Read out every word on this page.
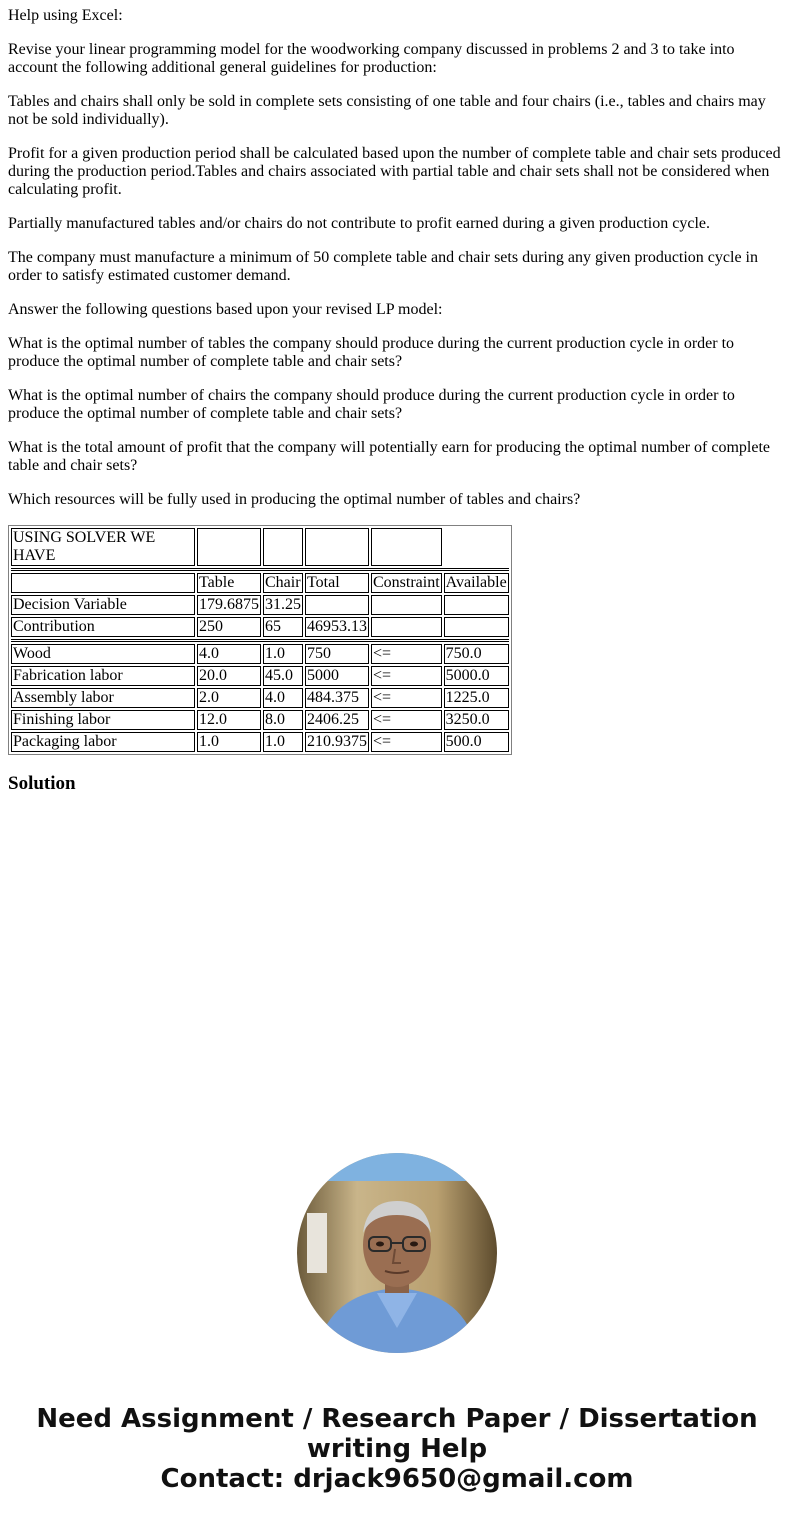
Help using Excel:

Revise your linear programming model for the woodworking company discussed in problems 2 and 3 to take into account the following additional general guidelines for production:

Tables and chairs shall only be sold in complete sets consisting of one table and four chairs (i.e., tables and chairs may not be sold individually).

Profit for a given production period shall be calculated based upon the number of complete table and chair sets produced during the production period.Tables and chairs associated with partial table and chair sets shall not be considered when calculating profit.

Partially manufactured tables and/or chairs do not contribute to profit earned during a given production cycle.

The company must manufacture a minimum of 50 complete table and chair sets during any given production cycle in order to satisfy estimated customer demand.

Answer the following questions based upon your revised LP model:

What is the optimal number of tables the company should produce during the current production cycle in order to produce the optimal number of complete table and chair sets?

What is the optimal number of chairs the company should produce during the current production cycle in order to produce the optimal number of complete table and chair sets?

What is the total amount of profit that the company will potentially earn for producing the optimal number of complete table and chair sets?

Which resources will be fully used in producing the optimal number of tables and chairs?

USING SOLVER WE HAVE					

	Table	Chair	Total	Constraint	Available
Decision Variable	179.6875	31.25			
Contribution	250	65	46953.13		

Wood	4.0	1.0	750	<=	750.0
Fabrication labor	20.0	45.0	5000	<=	5000.0
Assembly labor	2.0	4.0	484.375	<=	1225.0
Finishing labor	12.0	8.0	2406.25	<=	3250.0
Packaging labor	1.0	1.0	210.9375	<=	500.0
Solution
Need Assignment / Research Paper / Dissertation
writing Help
Contact: drjack9650@gmail.com
